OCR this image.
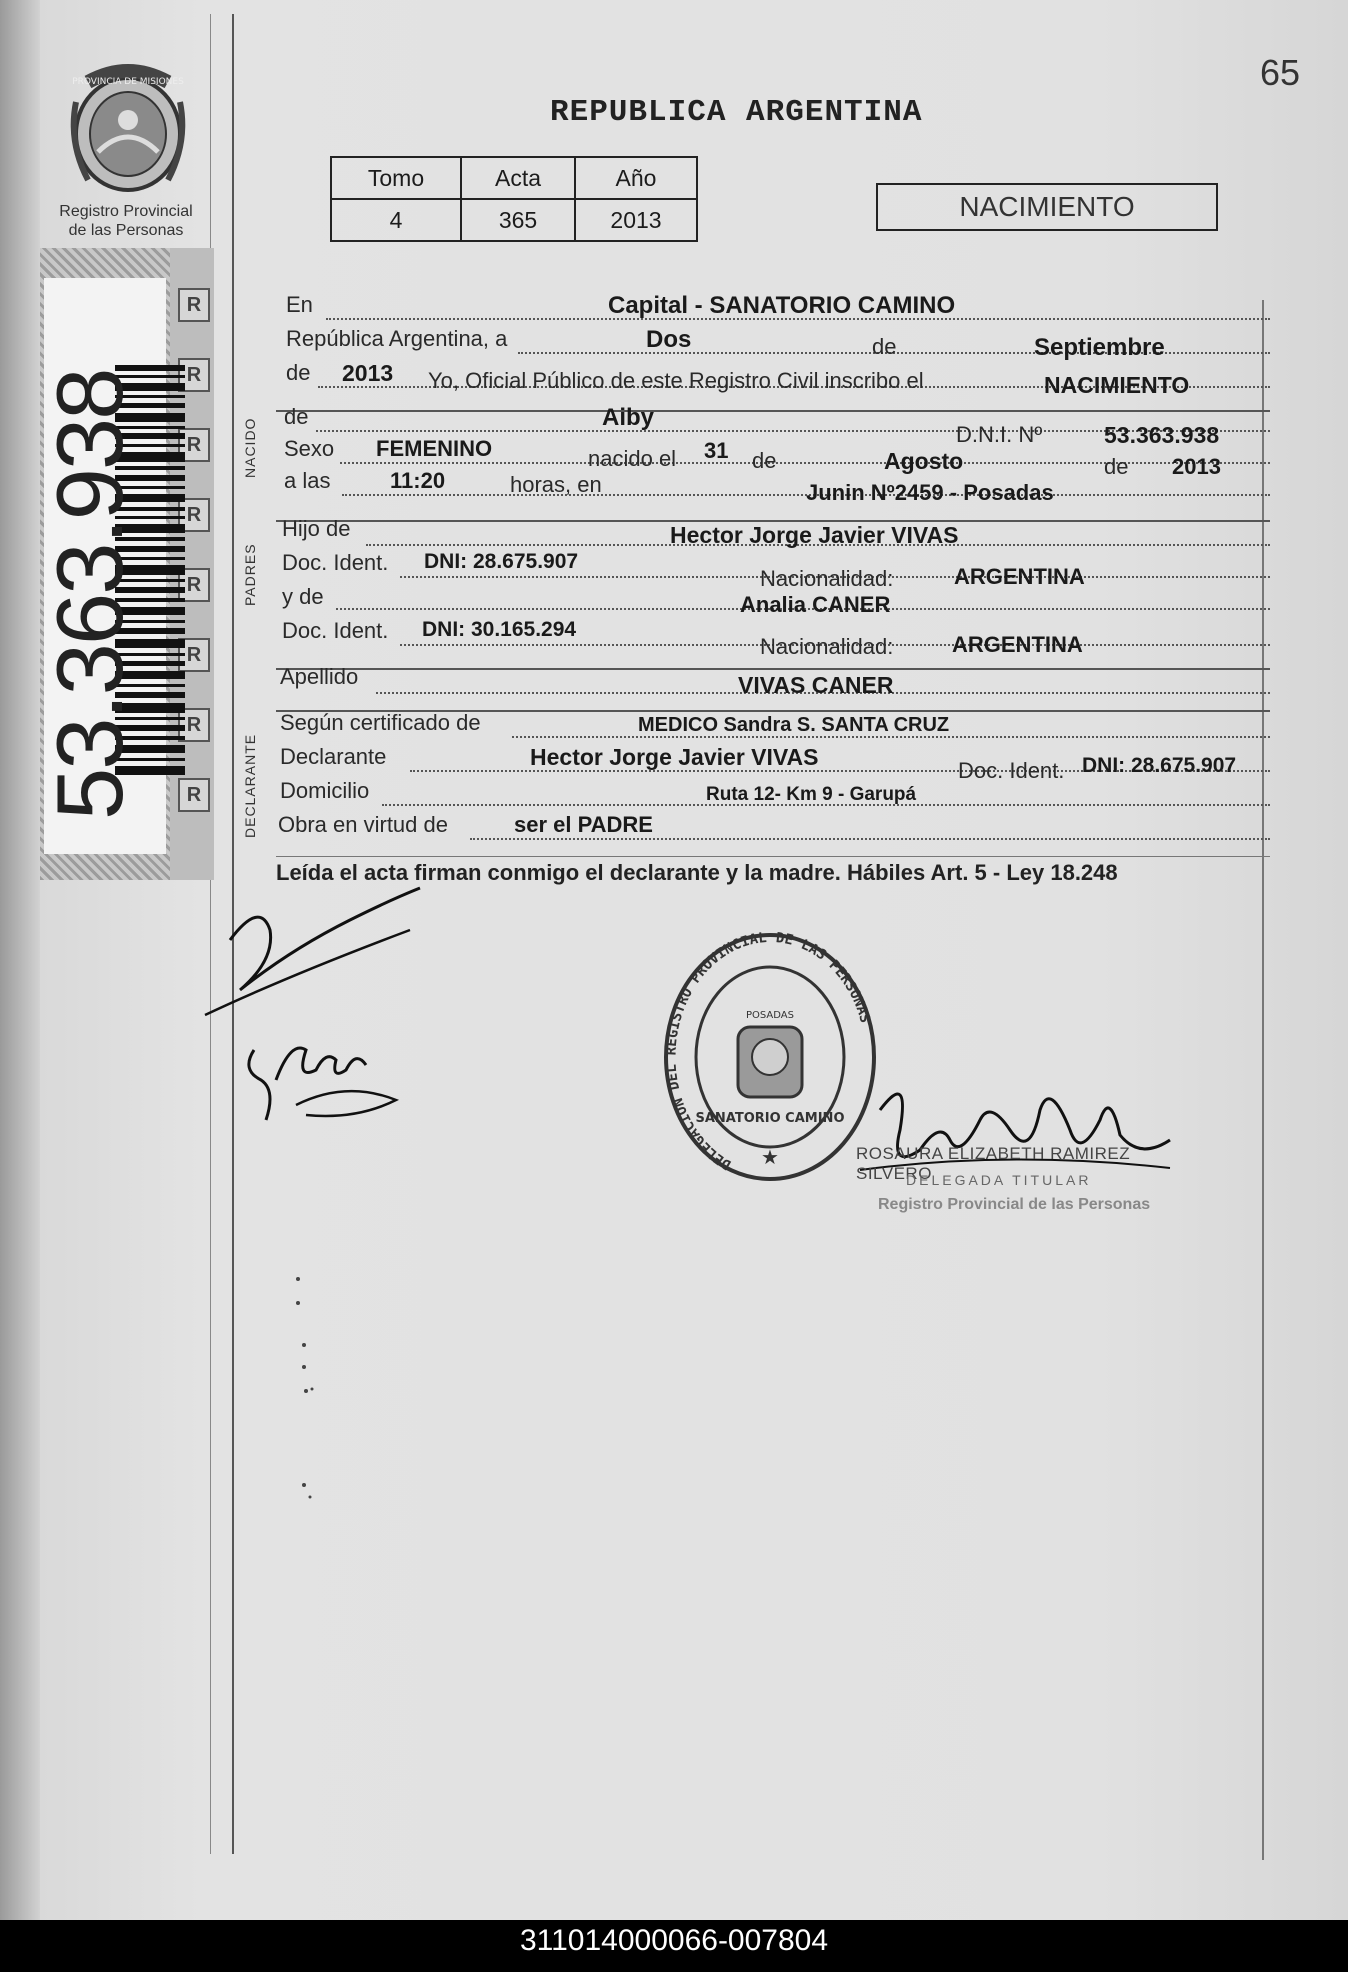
65
REPUBLICA ARGENTINA
Tomo	Acta	Año
4	365	2013	NACIMIENTO
PROVINCIA DE MISIONES
Registro Provincial
de las Personas
R
R
R
R
R
R
R
R
53.363.938	NACIDO
PADRES
DECLARANTE
En	Capital - SANATORIO CAMINO
República Argentina, a	Dos	de	Septiembre
de 2013 Yo, Oficial Público de este Registro Civil inscribo el	NACIMIENTO
de	Aiby
D.N.I. Nº	53.363.938
Sexo FEMENINO	nacido el 31 de	Agosto	de 2013
a las	11:20	horas, en	Junin Nº2459 - Posadas
Hijo de	Hector Jorge Javier VIVAS
Doc. Ident. DNI: 28.675.907
Nacionalidad:	ARGENTINA
y de	Analia CANER
Doc. Ident. DNI: 30.165.294
Nacionalidad:	ARGENTINA
Apellido	VIVAS CANER
Según certificado de	MEDICO Sandra S. SANTA CRUZ
Declarante	Hector Jorge Javier VIVAS
Doc. Ident. DNI: 28.675.907
Domicilio	Ruta 12- Km 9 - Garupá
Obra en virtud de	ser el PADRE
Leída el acta firman conmigo el declarante y la madre. Hábiles Art. 5 - Ley 18.248
DELEGACION DEL REGISTRO PROVINCIAL DE LAS PERSONAS
SANATORIO CAMINO
POSADAS
★	ROSAURA ELIZABETH RAMIREZ SILVERO
DELEGADA TITULAR
Registro Provincial de las Personas
311014000066-007804
